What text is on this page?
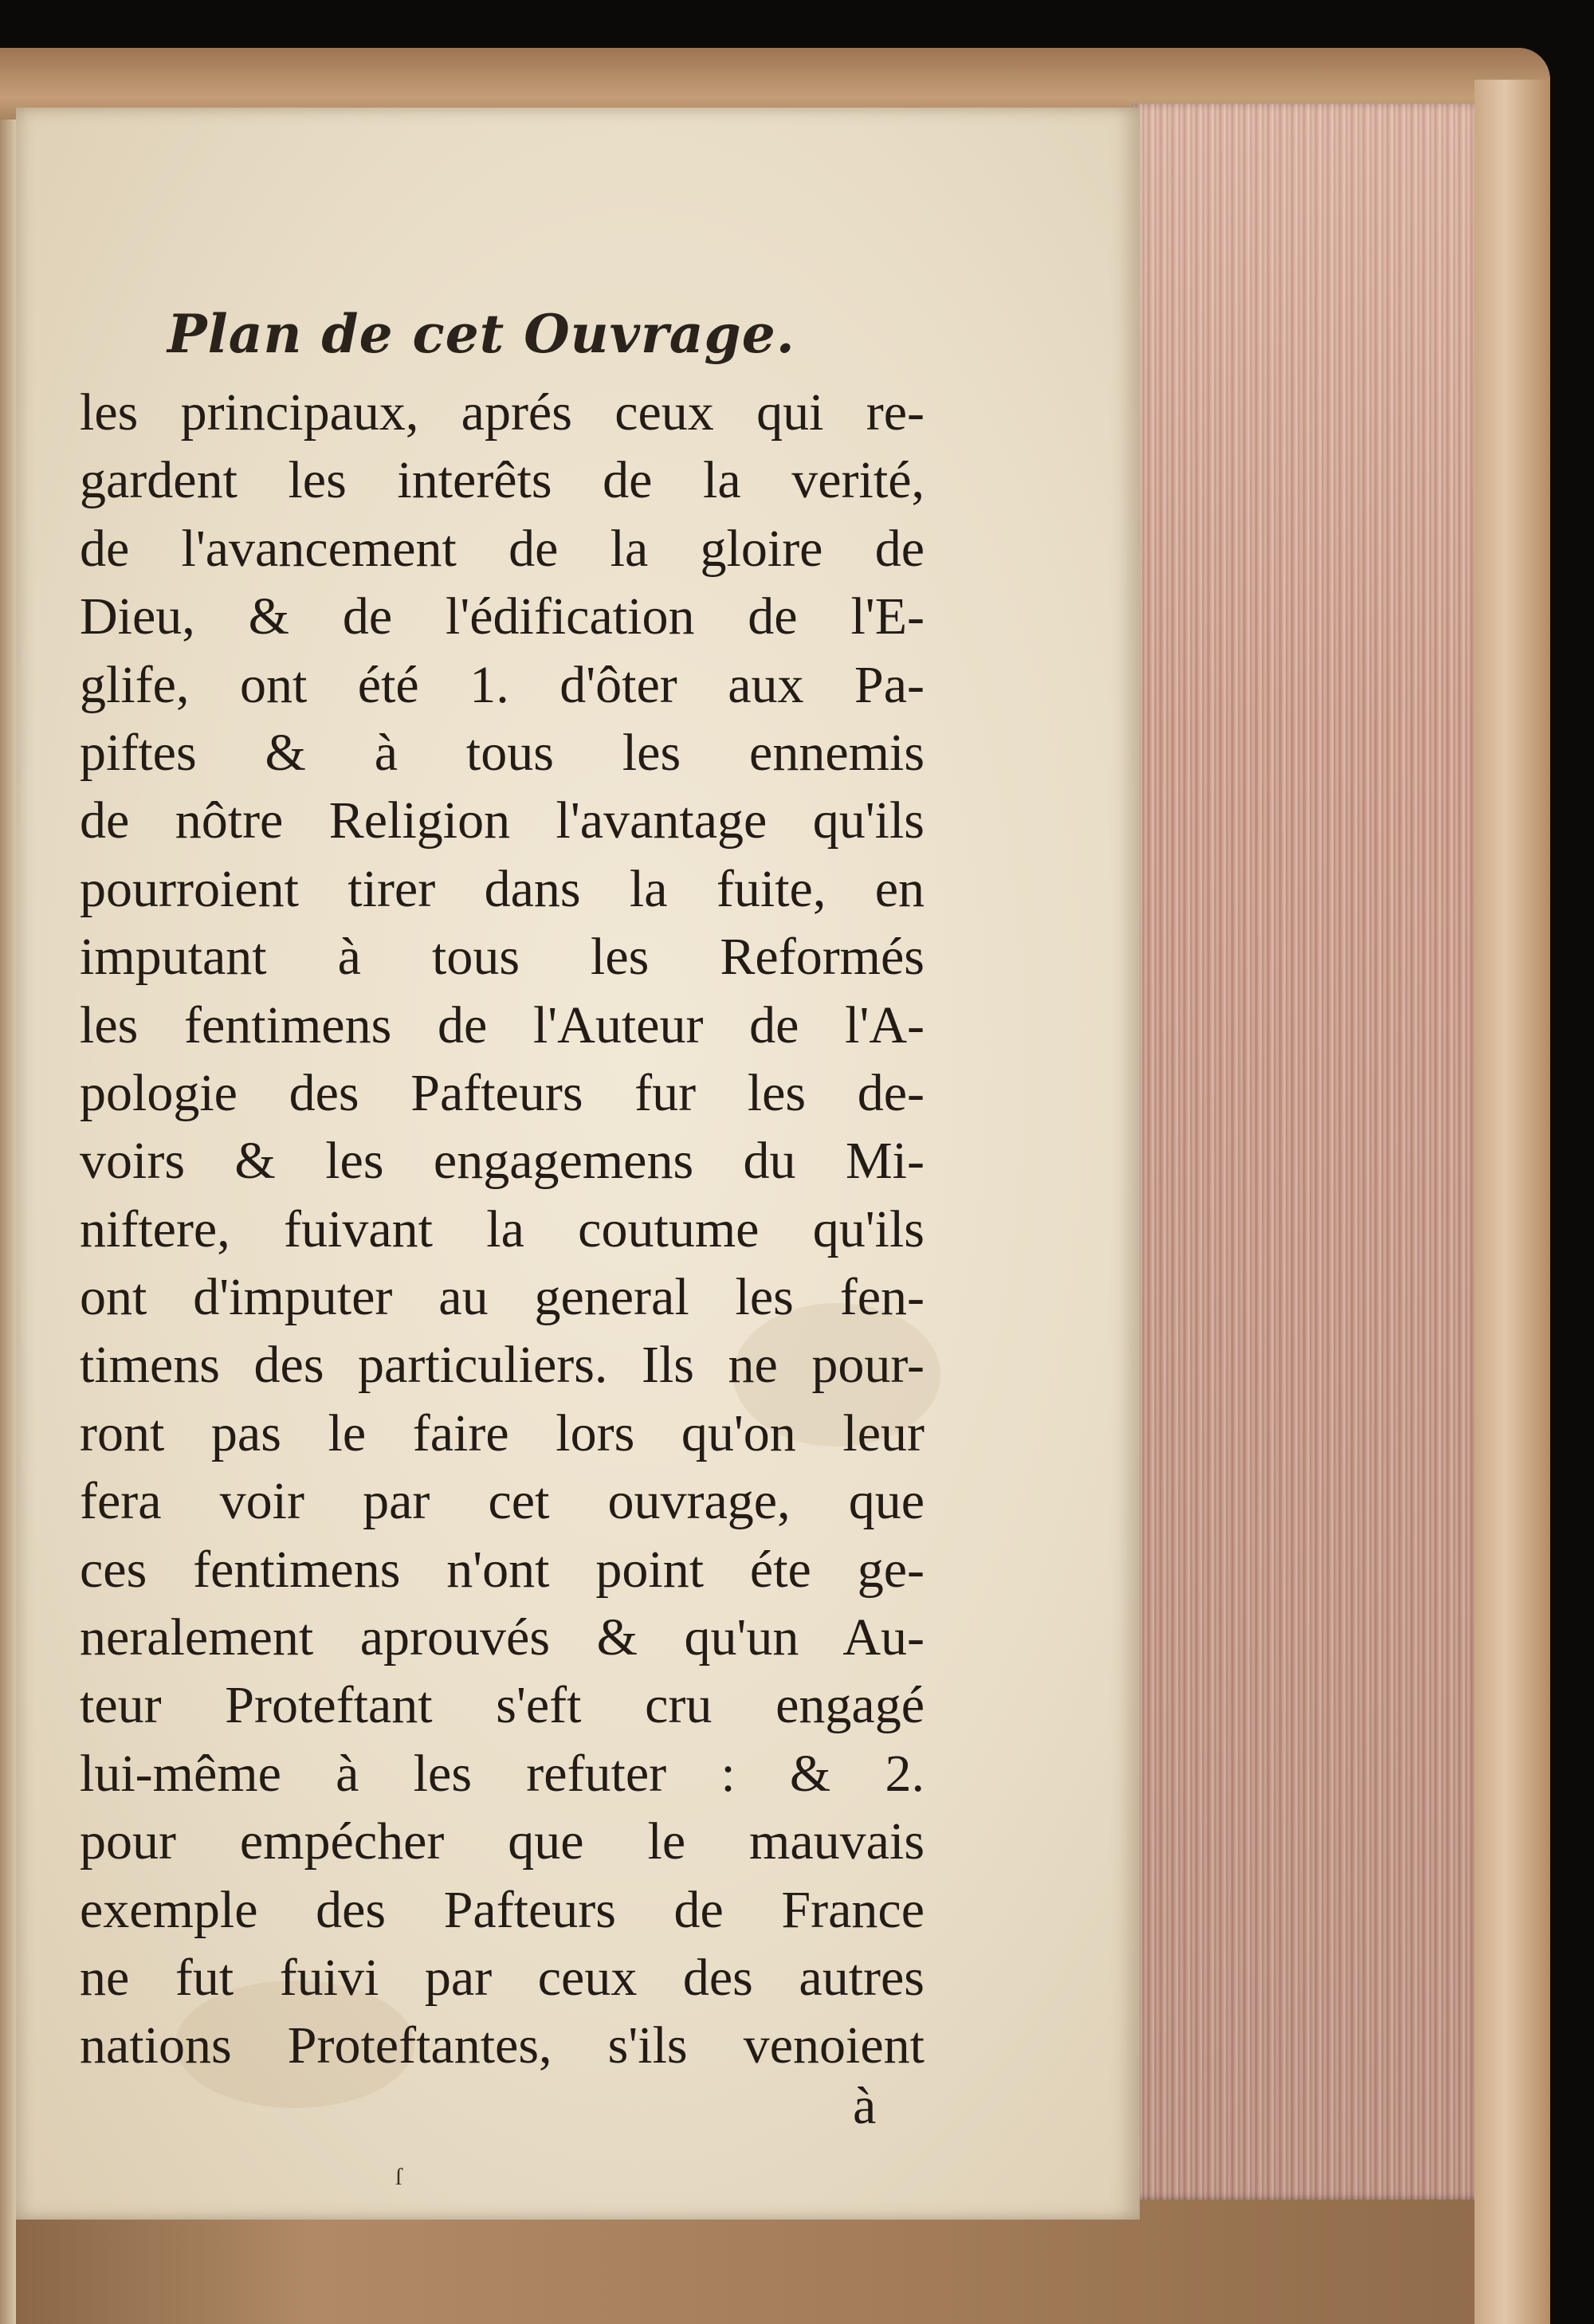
Plan de cet Ouvrage.
les principaux, aprés ceux qui re-
gardent les interêts de la verité,
de l'avancement de la gloire de
Dieu, & de l'édification de l'E-
glife, ont été 1. d'ôter aux Pa-
piftes & à tous les ennemis
de nôtre Religion l'avantage qu'ils
pourroient tirer dans la fuite, en
imputant à tous les Reformés
les fentimens de l'Auteur de l'A-
pologie des Pafteurs fur les de-
voirs & les engagemens du Mi-
niftere, fuivant la coutume qu'ils
ont d'imputer au general les fen-
timens des particuliers. Ils ne pour-
ront pas le faire lors qu'on leur
fera voir par cet ouvrage, que
ces fentimens n'ont point éte ge-
neralement aprouvés & qu'un Au-
teur Proteftant s'eft cru engagé
lui-même à les refuter : & 2.
pour empécher que le mauvais
exemple des Pafteurs de France
ne fut fuivi par ceux des autres
nations Proteftantes, s'ils venoient
à
ſ
